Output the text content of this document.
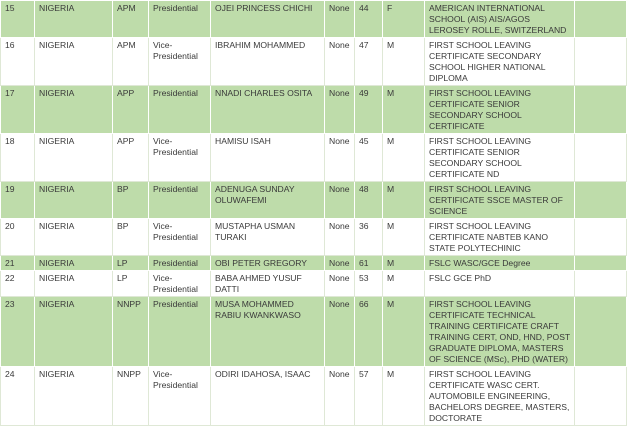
15	NIGERIA	APM	Presidential	OJEI PRINCESS CHICHI	None	44	F	AMERICAN INTERNATIONAL SCHOOL (AIS) AIS/AGOS LEROSEY ROLLE, SWITZERLAND	
16	NIGERIA	APM	Vice-Presidential	IBRAHIM MOHAMMED	None	47	M	FIRST SCHOOL LEAVING CERTIFICATE SECONDARY SCHOOL HIGHER NATIONAL DIPLOMA	
17	NIGERIA	APP	Presidential	NNADI CHARLES OSITA	None	49	M	FIRST SCHOOL LEAVING CERTIFICATE SENIOR SECONDARY SCHOOL CERTIFICATE	
18	NIGERIA	APP	Vice-Presidential	HAMISU ISAH	None	45	M	FIRST SCHOOL LEAVING CERTIFICATE SENIOR SECONDARY SCHOOL CERTIFICATE ND	
19	NIGERIA	BP	Presidential	ADENUGA SUNDAY OLUWAFEMI	None	48	M	FIRST SCHOOL LEAVING CERTIFICATE SSCE MASTER OF SCIENCE	
20	NIGERIA	BP	Vice-Presidential	MUSTAPHA USMAN TURAKI	None	36	M	FIRST SCHOOL LEAVING CERTIFICATE NABTEB KANO STATE POLYTECHINIC	
21	NIGERIA	LP	Presidential	OBI PETER GREGORY	None	61	M	FSLC WASC/GCE Degree	
22	NIGERIA	LP	Vice-Presidential	BABA AHMED YUSUF DATTI	None	53	M	FSLC GCE PhD	
23	NIGERIA	NNPP	Presidential	MUSA MOHAMMED RABIU KWANKWASO	None	66	M	FIRST SCHOOL LEAVING CERTIFICATE TECHNICAL TRAINING CERTIFICATE CRAFT TRAINING CERT, OND, HND, POST GRADUATE DIPLOMA, MASTERS OF SCIENCE (MSc), PHD (WATER)	
24	NIGERIA	NNPP	Vice-Presidential	ODIRI IDAHOSA, ISAAC	None	57	M	FIRST SCHOOL LEAVING CERTIFICATE WASC CERT. AUTOMOBILE ENGINEERING, BACHELORS DEGREE, MASTERS, DOCTORATE	
